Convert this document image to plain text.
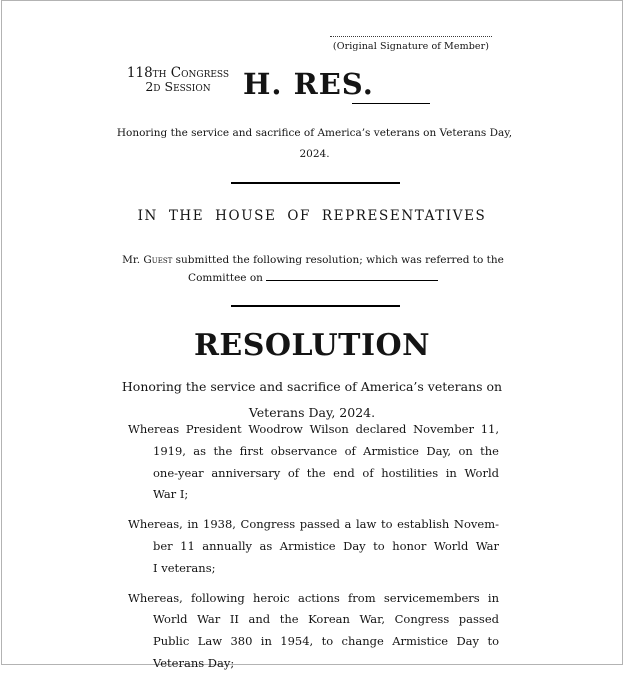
(Original Signature of Member)
118th Congress
2d Session	H. RES.
Honoring the service and sacrifice of America’s veterans on Veterans Day,
2024.
IN THE HOUSE OF REPRESENTATIVES
Mr. Guest submitted the following resolution; which was referred to the
Committee on
RESOLUTION
Honoring the service and sacrifice of America’s veterans on
Veterans Day, 2024.
Whereas President Woodrow Wilson declared November 11,
1919, as the first observance of Armistice Day, on the
one-year anniversary of the end of hostilities in World
War I;
Whereas, in 1938, Congress passed a law to establish Novem-
ber 11 annually as Armistice Day to honor World War
I veterans;
Whereas, following heroic actions from servicemembers in
World War II and the Korean War, Congress passed
Public Law 380 in 1954, to change Armistice Day to
Veterans Day;
